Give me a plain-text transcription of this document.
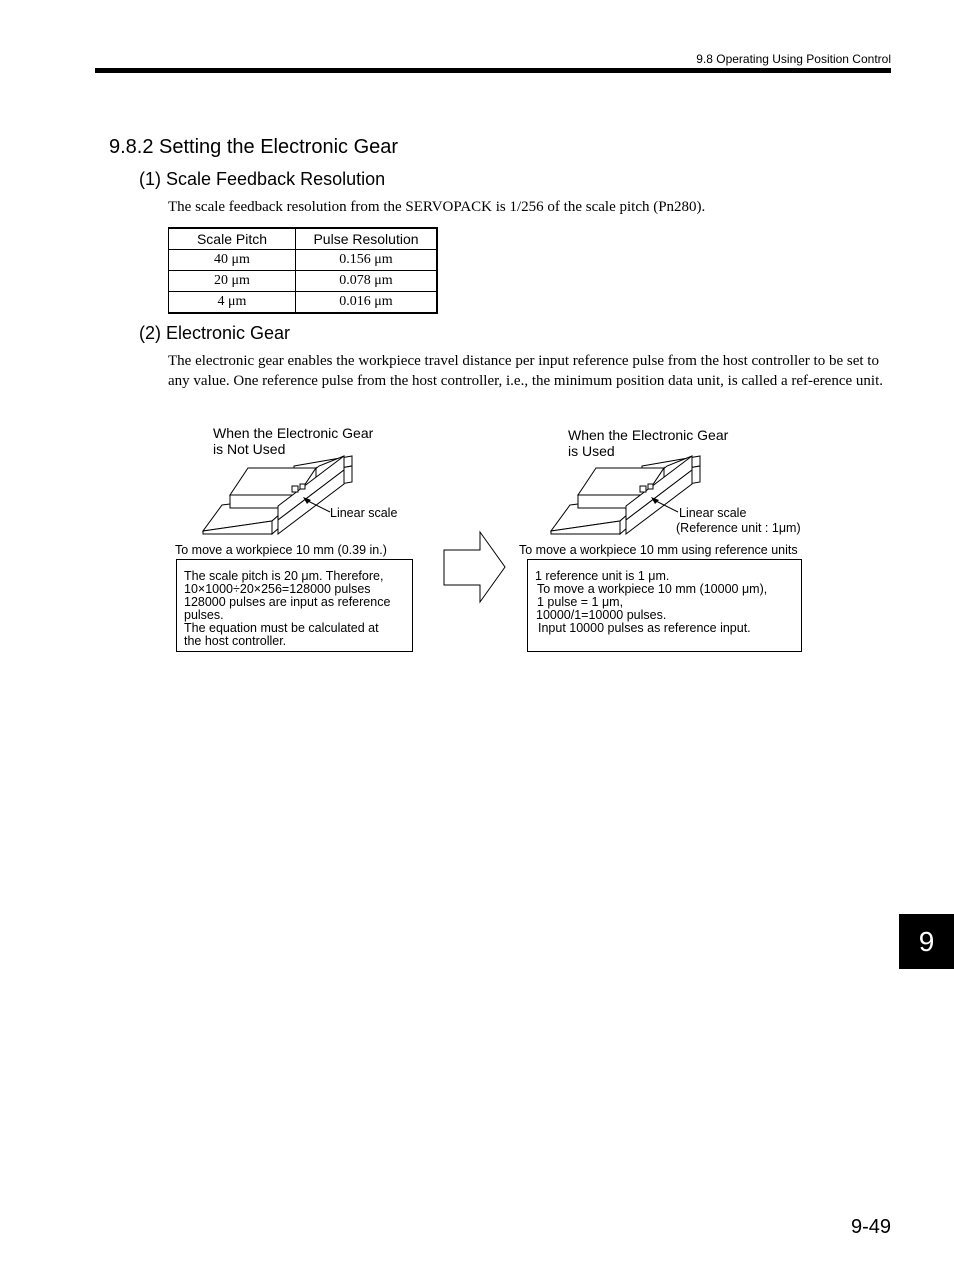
9.8 Operating Using Position Control
9.8.2 Setting the Electronic Gear
(1) Scale Feedback Resolution
The scale feedback resolution from the SERVOPACK is 1/256 of the scale pitch (Pn280).
Scale Pitch	Pulse Resolution
40 μm	0.156 μm
20 μm	0.078 μm
4 μm	0.016 μm
(2) Electronic Gear
The electronic gear enables the workpiece travel distance per input reference pulse from the host controller to be set to any value. One reference pulse from the host controller, i.e., the minimum position data unit, is called a ref-erence unit.
When the Electronic Gear
is Not Used
Linear scale
To move a workpiece 10 mm (0.39 in.)
The scale pitch is 20 μm. Therefore,
10×1000÷20×256=128000 pulses
128000 pulses are input as reference
pulses.
The equation must be calculated at
the host controller.
When the Electronic Gear
is Used
Linear scale
(Reference unit : 1μm)
To move a workpiece 10 mm using reference units
1 reference unit is 1 μm.
To move a workpiece 10 mm (10000 μm),
1 pulse = 1 μm,
10000/1=10000 pulses.
Input 10000 pulses as reference input.
9
9-49
